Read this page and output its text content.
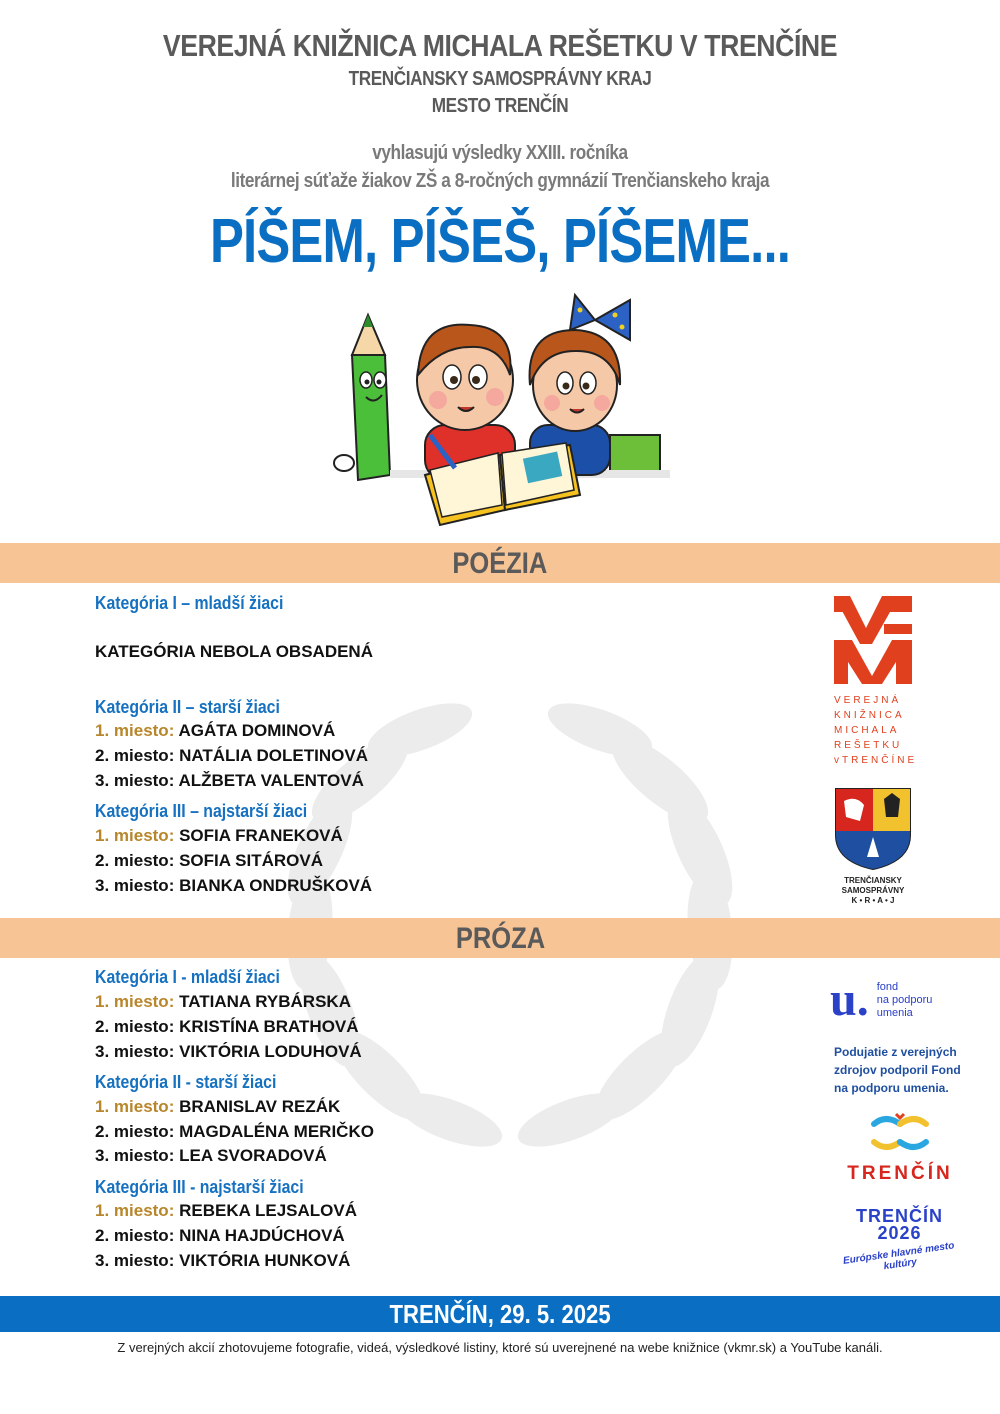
VEREJNÁ KNIŽNICA MICHALA REŠETKU V TRENČÍNE
TRENČIANSKY SAMOSPRÁVNY KRAJ
MESTO TRENČÍN
vyhlasujú výsledky XXIII. ročníka
literárnej súťaže žiakov ZŠ a 8-ročných gymnázií Trenčianskeho kraja
PÍŠEM, PÍŠEŠ, PÍŠEME...
POÉZIA
Kategória I – mladší žiaci
KATEGÓRIA NEBOLA OBSADENÁ
Kategória II – starší žiaci
1. miesto: AGÁTA DOMINOVÁ
2. miesto: NATÁLIA DOLETINOVÁ
3. miesto: ALŽBETA VALENTOVÁ
Kategória III – najstarší žiaci
1. miesto: SOFIA FRANEKOVÁ
2. miesto: SOFIA SITÁROVÁ
3. miesto: BIANKA ONDRUŠKOVÁ
PRÓZA
Kategória I - mladší žiaci
1. miesto: TATIANA RYBÁRSKA
2. miesto: KRISTÍNA BRATHOVÁ
3. miesto: VIKTÓRIA LODUHOVÁ
Kategória II - starší žiaci
1. miesto: BRANISLAV REZÁK
2. miesto: MAGDALÉNA MERIČKO
3. miesto: LEA SVORADOVÁ
Kategória III - najstarší žiaci
1. miesto: REBEKA LEJSALOVÁ
2. miesto: NINA HAJDÚCHOVÁ
3. miesto: VIKTÓRIA HUNKOVÁ
VEREJNÁ
KNIŽNICA
MICHALA
REŠETKU
vTRENČÍNE
TRENČIANSKY
SAMOSPRÁVNY
K • R • A • J
u. fond
na podporu
umenia
Podujatie z verejných
zdrojov podporil Fond
na podporu umenia.
TRENČÍN
TRENČÍN
2026
Európske hlavné mesto kultúry
TRENČÍN, 29. 5. 2025
Z verejných akcií zhotovujeme fotografie, videá, výsledkové listiny, ktoré sú uverejnené na webe knižnice (vkmr.sk) a YouTube kanáli.
